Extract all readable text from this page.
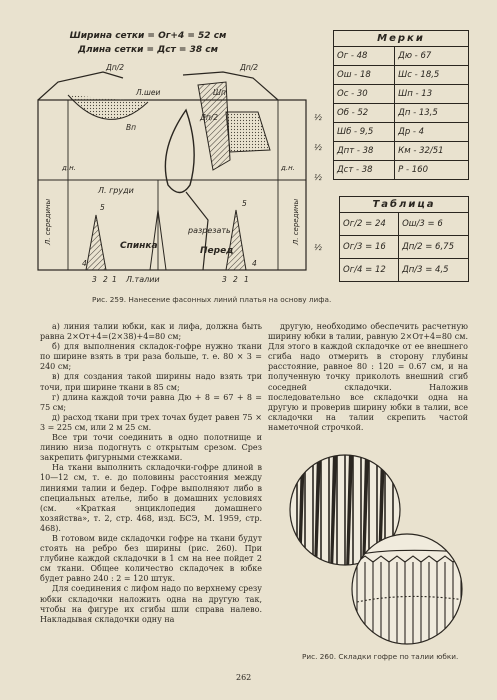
Ширина сетки = Ог+4 = 52 см
Длина сетки = Дст = 38 см
Дп/2	Дп/2
Дп/2
Л.шеи
Вп
Шп
д.н.	д.н.
Л. груди
разрезать
Спинка	Перед
Л.талии
Л. середины	Л. середины
½
½
½
½
5
4
3 2 1
5
4
3 2 1
Мерки
Ог - 48	Дю - 67
Ош - 18	Шс - 18,5
Ос - 30	Шп - 13
Об - 52	Дп - 13,5
Шб - 9,5	Др - 4
Дпт - 38	Км - 32/51
Дст - 38	Р - 160
Таблица
Ог/2 = 24	Ош/3 = 6
Ог/3 = 16	Дп/2 = 6,75
Ог/4 = 12	Дп/3 = 4,5
Рис. 259. Нанесение фасонных линий платья на основу лифа.

а) линия талии юбки, как и лифа, должна быть равна 2×От+4=(2×38)+4=80 см;

б) для выполнения складок-гофре нужно ткани по ширине взять в три раза больше, т. е. 80 × 3 = 240 см;

в) для создания такой ширины надо взять три точи, при ширине ткани в 85 см;

г) длина каждой точи равна Дю + 8 = 67 + 8 = 75 см;

д) расход ткани при трех точах будет равен 75 × 3 = 225 см, или 2 м 25 см.

Все три точи соединить в одно полотнище и линию низа подогнуть с открытым срезом. Срез закрепить фигурными стежками.

На ткани выполнить складочки-гофре длиной в 10—12 см, т. е. до половины расстояния между линиями талии и бедер. Гофре выполняют либо в специальных ателье, либо в домашних условиях (см. «Краткая энциклопедия домашнего хозяйства», т. 2, стр. 468, изд. БСЭ, М. 1959, стр. 468).

В готовом виде складочки гофре на ткани будут стоять на ребро без ширины (рис. 260). При глубине каждой складочки в 1 см на нее пойдет 2 см ткани. Общее количество складочек в юбке будет равно 240 : 2 = 120 штук.

Для соединения с лифом надо по верхнему срезу юбки складочки наложить одна на другую так, чтобы на фигуре их сгибы шли справа налево. Накладывая складочки одну на

другую, необходимо обеспечить расчетную ширину юбки в талии, равную 2×От+4=80 см. Для этого в каждой складочке от ее внешнего сгиба надо отмерить в сторону глубины расстояние, равное 80 : 120 = 0.67 см, и на полученную точку приколоть внешний сгиб соседней складочки. Наложив последовательно все складочки одна на другую и проверив ширину юбки в талии, все складочки на талии скрепить частой наметочной строчкой.

Рис. 260. Складки гофре по талии юбки.
262
